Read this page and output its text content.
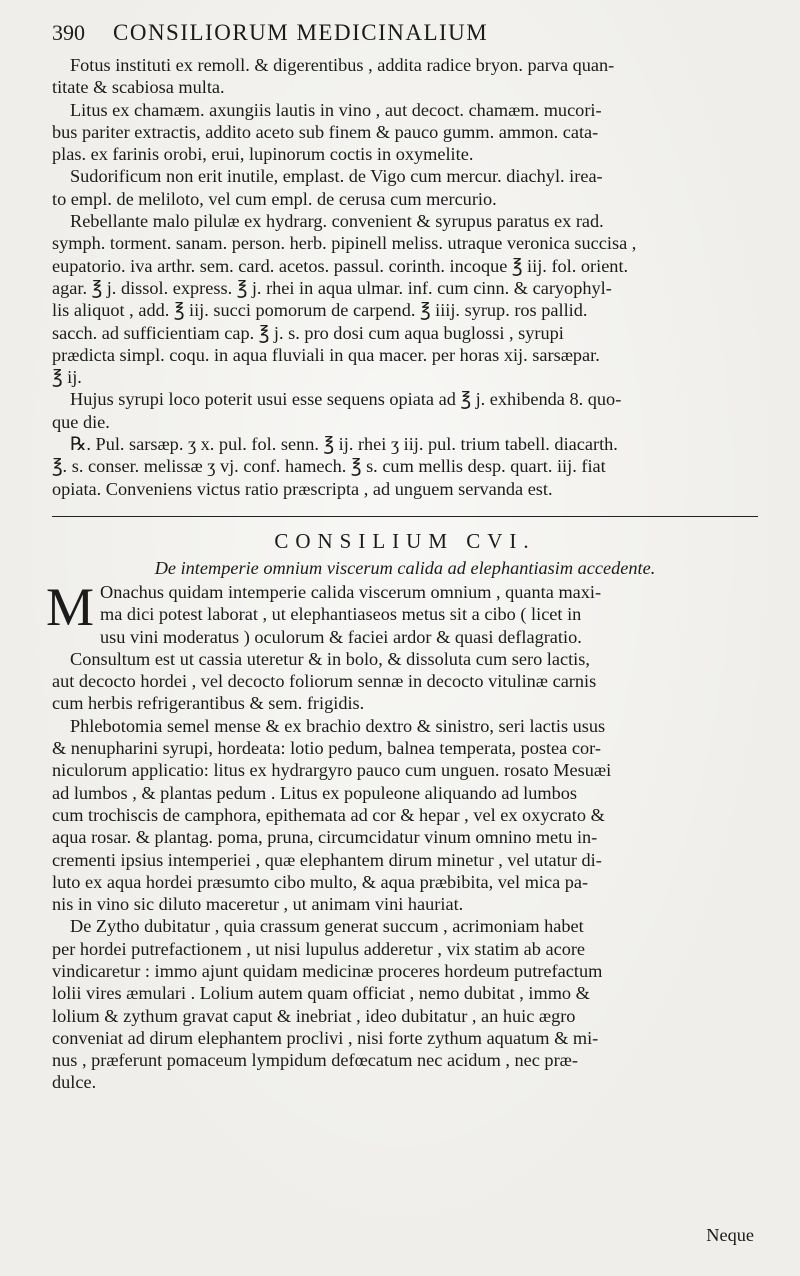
390 CONSILIORUM MEDICINALIUM
Fotus instituti ex remoll. & digerentibus , addita radice bryon. parva quan-
titate & scabiosa multa.
Litus ex chamæm. axungiis lautis in vino , aut decoct. chamæm. mucori-
bus pariter extractis, addito aceto sub finem & pauco gumm. ammon. cata-
plas. ex farinis orobi, erui, lupinorum coctis in oxymelite.
Sudorificum non erit inutile, emplast. de Vigo cum mercur. diachyl. irea-
to empl. de meliloto, vel cum empl. de cerusa cum mercurio.
Rebellante malo pilulæ ex hydrarg. convenient & syrupus paratus ex rad.
symph. torment. sanam. person. herb. pipinell meliss. utraque veronica succisa ,
eupatorio. iva arthr. sem. card. acetos. passul. corinth. incoque ℥ iij. fol. orient.
agar. ℥ j. dissol. express. ℥ j. rhei in aqua ulmar. inf. cum cinn. & caryophyl-
lis aliquot , add. ℥ iij. succi pomorum de carpend. ℥ iiij. syrup. ros pallid.
sacch. ad sufficientiam cap. ℥ j. s. pro dosi cum aqua buglossi , syrupi
prædicta simpl. coqu. in aqua fluviali in qua macer. per horas xij. sarsæpar.
℥ ij.
Hujus syrupi loco poterit usui esse sequens opiata ad ℥ j. exhibenda 8. quo-
que die.
℞. Pul. sarsæp. ʒ x. pul. fol. senn. ℥ ij. rhei ʒ iij. pul. trium tabell. diacarth.
℥. s. conser. melissæ ʒ vj. conf. hamech. ℥ s. cum mellis desp. quart. iij. fiat
opiata. Conveniens victus ratio præscripta , ad unguem servanda est.
CONSILIUM CVI.
De intemperie omnium viscerum calida ad elephantiasim accedente.
M Onachus quidam intemperie calida viscerum omnium , quanta maxi-
ma dici potest laborat , ut elephantiaseos metus sit a cibo ( licet in
usu vini moderatus ) oculorum & faciei ardor & quasi deflagratio.
Consultum est ut cassia uteretur & in bolo, & dissoluta cum sero lactis,
aut decocto hordei , vel decocto foliorum sennæ in decocto vitulinæ carnis
cum herbis refrigerantibus & sem. frigidis.
Phlebotomia semel mense & ex brachio dextro & sinistro, seri lactis usus
& nenupharini syrupi, hordeata: lotio pedum, balnea temperata, postea cor-
niculorum applicatio: litus ex hydrargyro pauco cum unguen. rosato Mesuæi
ad lumbos , & plantas pedum . Litus ex populeone aliquando ad lumbos
cum trochiscis de camphora, epithemata ad cor & hepar , vel ex oxycrato &
aqua rosar. & plantag. poma, pruna, circumcidatur vinum omnino metu in-
crementi ipsius intemperiei , quæ elephantem dirum minetur , vel utatur di-
luto ex aqua hordei præsumto cibo multo, & aqua præbibita, vel mica pa-
nis in vino sic diluto maceretur , ut animam vini hauriat.
De Zytho dubitatur , quia crassum generat succum , acrimoniam habet
per hordei putrefactionem , ut nisi lupulus adderetur , vix statim ab acore
vindicaretur : immo ajunt quidam medicinæ proceres hordeum putrefactum
lolii vires æmulari . Lolium autem quam officiat , nemo dubitat , immo &
lolium & zythum gravat caput & inebriat , ideo dubitatur , an huic ægro
conveniat ad dirum elephantem proclivi , nisi forte zythum aquatum & mi-
nus , præferunt pomaceum lympidum defœcatum nec acidum , nec præ-
dulce.
Neque
